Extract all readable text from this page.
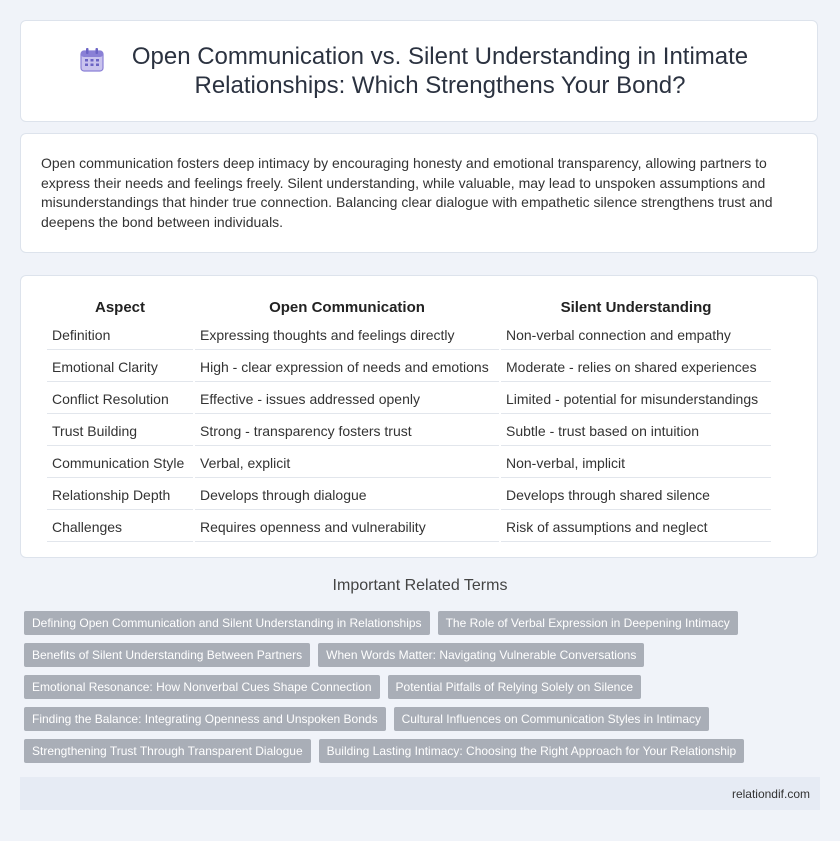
Open Communication vs. Silent Understanding in Intimate Relationships: Which Strengthens Your Bond?

Open communication fosters deep intimacy by encouraging honesty and emotional transparency, allowing partners to express their needs and feelings freely. Silent understanding, while valuable, may lead to unspoken assumptions and misunderstandings that hinder true connection. Balancing clear dialogue with empathetic silence strengthens trust and deepens the bond between individuals.

Aspect	Open Communication	Silent Understanding
Definition	Expressing thoughts and feelings directly	Non-verbal connection and empathy
Emotional Clarity	High - clear expression of needs and emotions	Moderate - relies on shared experiences
Conflict Resolution	Effective - issues addressed openly	Limited - potential for misunderstandings
Trust Building	Strong - transparency fosters trust	Subtle - trust based on intuition
Communication Style	Verbal, explicit	Non-verbal, implicit
Relationship Depth	Develops through dialogue	Develops through shared silence
Challenges	Requires openness and vulnerability	Risk of assumptions and neglect
Important Related Terms
Defining Open Communication and Silent Understanding in Relationships	The Role of Verbal Expression in Deepening Intimacy
Benefits of Silent Understanding Between Partners	When Words Matter: Navigating Vulnerable Conversations
Emotional Resonance: How Nonverbal Cues Shape Connection	Potential Pitfalls of Relying Solely on Silence
Finding the Balance: Integrating Openness and Unspoken Bonds	Cultural Influences on Communication Styles in Intimacy
Strengthening Trust Through Transparent Dialogue	Building Lasting Intimacy: Choosing the Right Approach for Your Relationship
relationdif.com
